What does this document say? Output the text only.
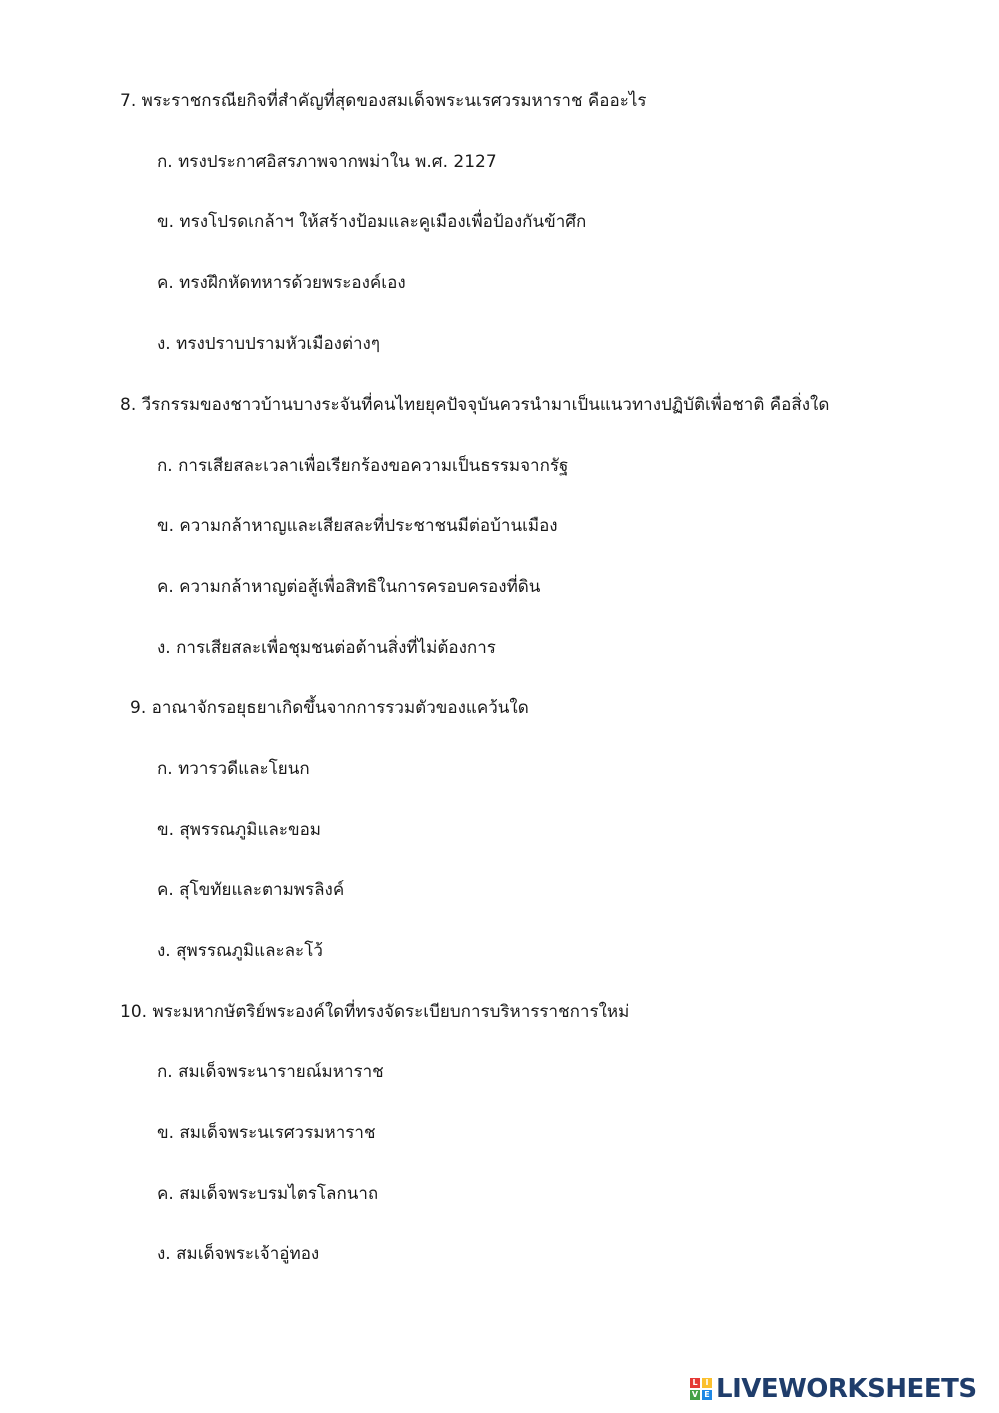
7. พระราชกรณียกิจที่สำคัญที่สุดของสมเด็จพระนเรศวรมหาราช คืออะไร
ก. ทรงประกาศอิสรภาพจากพม่าใน พ.ศ. 2127
ข. ทรงโปรดเกล้าฯ ให้สร้างป้อมและคูเมืองเพื่อป้องกันข้าศึก
ค. ทรงฝึกหัดทหารด้วยพระองค์เอง
ง. ทรงปราบปรามหัวเมืองต่างๆ
8. วีรกรรมของชาวบ้านบางระจันที่คนไทยยุคปัจจุบันควรนำมาเป็นแนวทางปฏิบัติเพื่อชาติ คือสิ่งใด
ก. การเสียสละเวลาเพื่อเรียกร้องขอความเป็นธรรมจากรัฐ
ข. ความกล้าหาญและเสียสละที่ประชาชนมีต่อบ้านเมือง
ค. ความกล้าหาญต่อสู้เพื่อสิทธิในการครอบครองที่ดิน
ง. การเสียสละเพื่อชุมชนต่อต้านสิ่งที่ไม่ต้องการ
9. อาณาจักรอยุธยาเกิดขึ้นจากการรวมตัวของแคว้นใด
ก. ทวารวดีและโยนก
ข. สุพรรณภูมิและขอม
ค. สุโขทัยและตามพรลิงค์
ง. สุพรรณภูมิและละโว้
10. พระมหากษัตริย์พระองค์ใดที่ทรงจัดระเบียบการบริหารราชการใหม่
ก. สมเด็จพระนารายณ์มหาราช
ข. สมเด็จพระนเรศวรมหาราช
ค. สมเด็จพระบรมไตรโลกนาถ
ง. สมเด็จพระเจ้าอู่ทอง
L I
V E LIVEWORKSHEETS
